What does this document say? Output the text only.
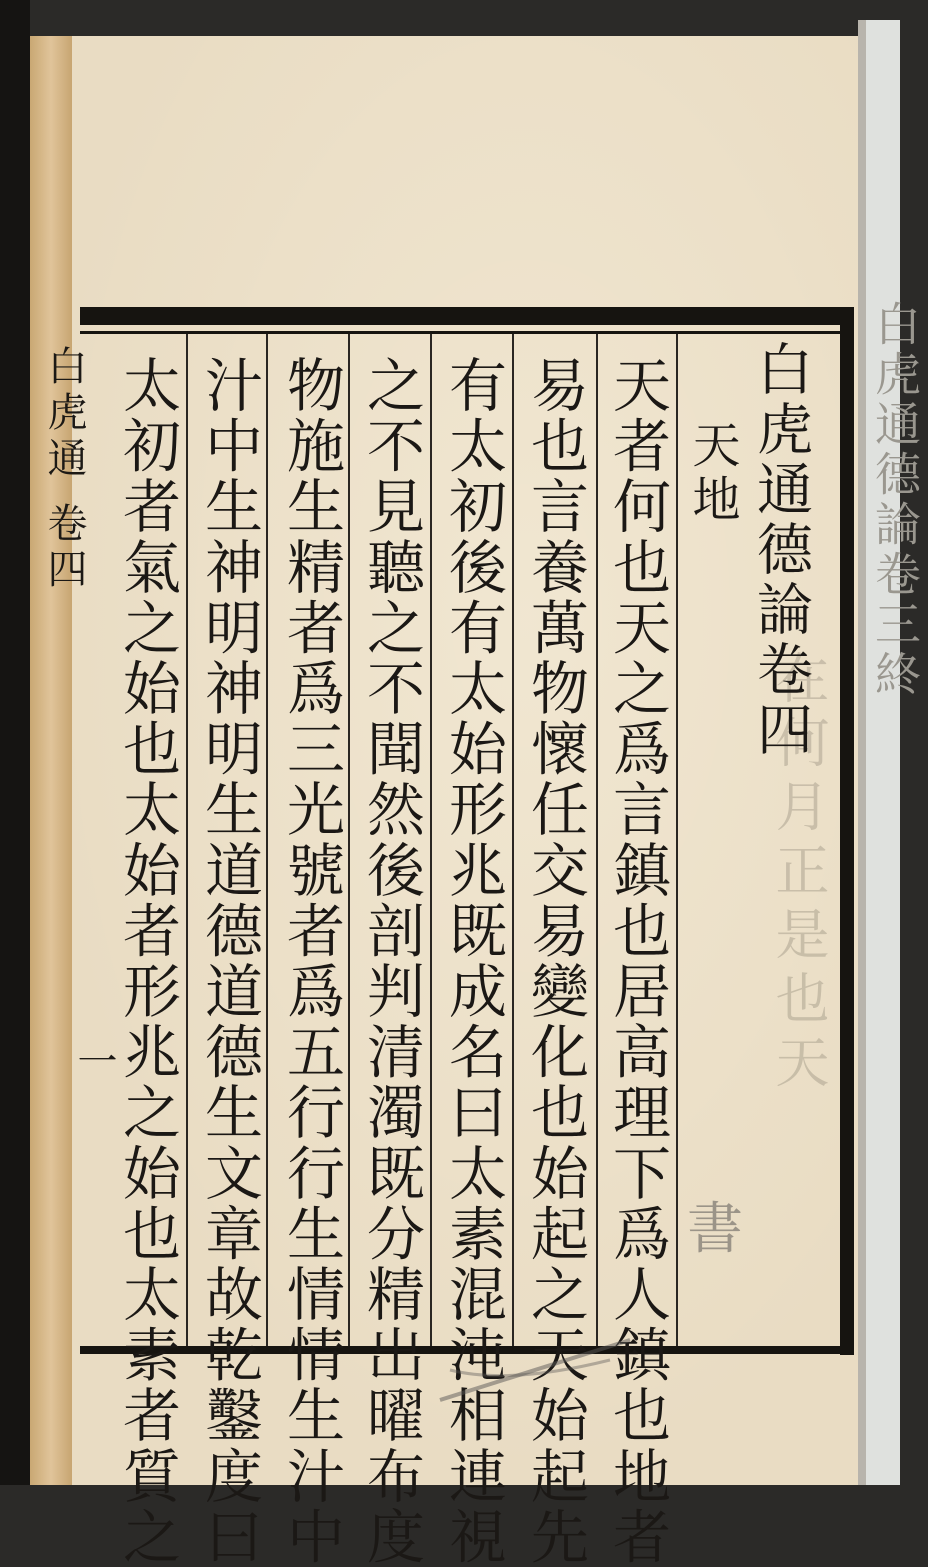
白虎通 卷四
一	在何月正是也天
白虎通德論卷四
天地
天者何也天之爲言鎮也居高理下爲人鎮也地者
易也言養萬物懷任交易變化也始起之天始起先
有太初後有太始形兆既成名曰太素混沌相連視
之不見聽之不聞然後剖判清濁既分精出曜布度
物施生精者爲三光號者爲五行行生情情生汁中
汁中生神明神明生道德道德生文章故乾鑿度曰
太初者氣之始也太始者形兆之始也太素者質之	書
白虎通德論卷三終
